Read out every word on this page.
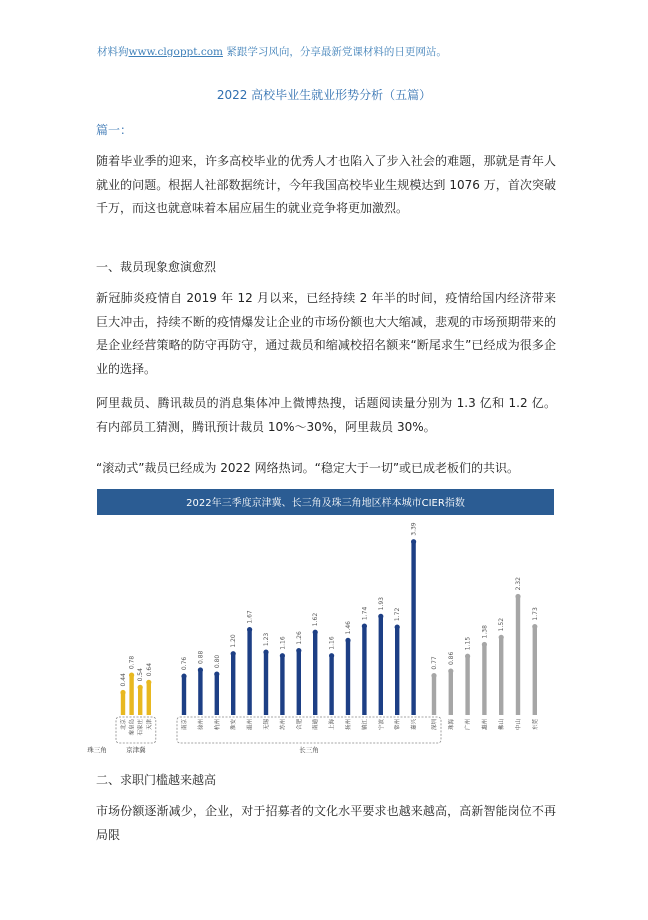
材料狗www.clgoppt.com 紧跟学习风向，分享最新党课材料的日更网站。
2022 高校毕业生就业形势分析（五篇）
篇一：
随着毕业季的迎来，许多高校毕业的优秀人才也陷入了步入社会的难题，那就是青年人就业的问题。根据人社部数据统计，今年我国高校毕业生规模达到 1076 万，首次突破千万，而这也就意味着本届应届生的就业竞争将更加激烈。
一、裁员现象愈演愈烈
新冠肺炎疫情自 2019 年 12 月以来，已经持续 2 年半的时间，疫情给国内经济带来巨大冲击，持续不断的疫情爆发让企业的市场份额也大大缩减，悲观的市场预期带来的是企业经营策略的防守再防守，通过裁员和缩减校招名额来“断尾求生”已经成为很多企业的选择。
阿里裁员、腾讯裁员的消息集体冲上微博热搜，话题阅读量分别为 1.3 亿和 1.2 亿。有内部员工猜测，腾讯预计裁员 10%～30%，阿里裁员 30%。
“滚动式”裁员已经成为 2022 网络热词。“稳定大于一切”或已成老板们的共识。
2022年三季度京津冀、长三角及珠三角地区样本城市CIER指数
0.44
北京
0.78
秦皇岛
0.54
石家庄
0.64
天津
0.76
南京
0.88
徐州
0.80
杭州
1.20
淮安
1.67
温州
1.23
无锡
1.16
苏州
1.26
合肥
1.62
南通
1.16
上海
1.46
扬州
1.74
镇江
1.93
宁波
1.72
常州
3.39
嘉兴
0.77
深圳
0.86
珠海
1.15
广州
1.38
惠州
1.52
佛山
2.32
中山
1.73
东莞
京津冀	长三角
珠三角
二、求职门槛越来越高
市场份额逐渐减少，企业，对于招募者的文化水平要求也越来越高，高新智能岗位不再局限
